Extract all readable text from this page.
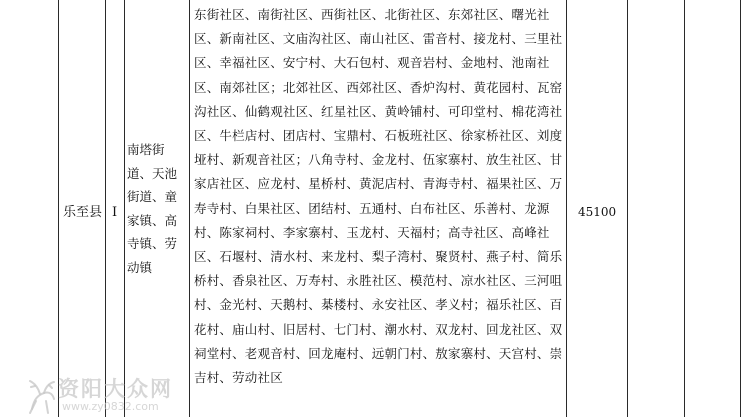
乐至县 I
南塔街道、天池街道、童家镇、高寺镇、劳动镇
东街社区、南街社区、西街社区、北街社区、东郊社区、曙光社区、新南社区、文庙沟社区、南山社区、雷音村、接龙村、三里社区、幸福社区、安宁村、大石包村、观音岩村、金地村、池南社区、南郊社区；北郊社区、西郊社区、香炉沟村、黄花园村、瓦窑沟社区、仙鹤观社区、红星社区、黄岭铺村、可印堂村、棉花湾社区、牛栏店村、团店村、宝鼎村、石板班社区、徐家桥社区、刘度垭村、新观音社区；八角寺村、金龙村、伍家寨村、放生社区、甘家店社区、应龙村、星桥村、黄泥店村、青海寺村、福果社区、万寿寺村、白果社区、团结村、五通村、白布社区、乐善村、龙源村、陈家祠村、李家寨村、玉龙村、天福村；高寺社区、高峰社区、石堰村、清水村、来龙村、梨子湾村、聚贤村、燕子村、简乐桥村、香泉社区、万寿村、永胜社区、模范村、凉水社区、三河咀村、金光村、天鹅村、棊楼村、永安社区、孝义村；福乐社区、百花村、庙山村、旧居村、七门村、潮水村、双龙村、回龙社区、双祠堂村、老观音村、回龙庵村、远朝门村、敖家寨村、天宫村、崇吉村、劳动社区
45100
资阳大众网
www.zy0832.com
